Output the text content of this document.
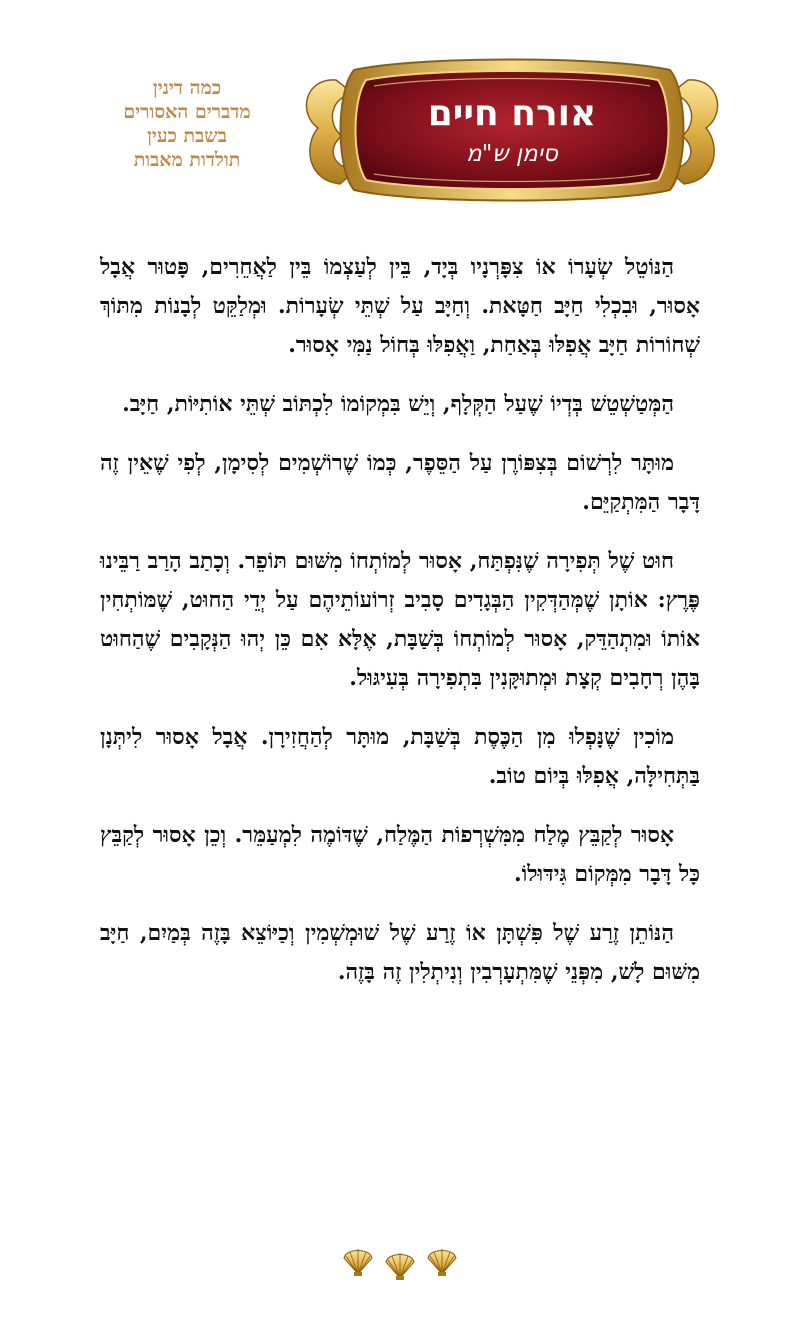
כמה דינין
מדברים האסורים
בשבת כעין
תולדות מאבות
אורח חיים
סימן ש"מ

הַנּוֹטֵל שְׂעָרוֹ אוֹ צִפָּרְנָיו בְּיָד, בֵּין לְעַצְמוֹ בֵּין לַאֲחֵרִים, פָּטוּר אֲבָל אָסוּר, וּבִכְלִי חַיָּב חַטָּאת. וְחַיָּב עַל שְׁתֵּי שְׂעָרוֹת. וּמְלַקֵּט לְבָנוֹת מִתּוֹךְ שְׁחוֹרוֹת חַיָּב אֲפִלּוּ בְּאַחַת, וַאֲפִלּוּ בְּחוֹל נַמִּי אָסוּר.

הַמְּטַשְׁטֵשׁ בְּדְיוֹ שֶׁעַל הַקְּלָף, וְיֵשׁ בִּמְקוֹמוֹ לִכְתּוֹב שְׁתֵּי אוֹתִיּוֹת, חַיָּב.

מוּתָּר לִרְשׁוֹם בְּצִפּוֹרֶן עַל הַסֵּפֶר, כְּמוֹ שֶׁרוֹשְׁמִים לְסִימָן, לְפִי שֶׁאֵין זֶה דָּבָר הַמִּתְקַיֵּם.

חוּט שֶׁל תְּפִירָה שֶׁנִּפְתַּח, אָסוּר לְמוֹתְחוֹ מִשּׁוּם תּוֹפֵר. וְכָתַב הָרַב רַבֵּינוּ פֶּרֶץ: אוֹתָן שֶׁמְּהַדְּקִין הַבְּגָדִים סָבִיב זְרוֹעוֹתֵיהֶם עַל יְדֵי הַחוּט, שֶׁמּוֹתְחִין אוֹתוֹ וּמִתְהַדֵּק, אָסוּר לְמוֹתְחוֹ בְּשַׁבָּת, אֶלָּא אִם כֵּן יְהוּ הַנְּקָבִים שֶׁהַחוּט בָּהֶן רְחָבִים קְצָת וּמְתוּקָּנִין בִּתְפִירָה בְּעִיגּוּל.

מוֹכִין שֶׁנָּפְלוּ מִן הַכֶּסֶת בְּשַׁבָּת, מוּתָּר לְהַחֲזִירָן. אֲבָל אָסוּר לִיתְּנָן בַּתְּחִילָּה, אֲפִלּוּ בְּיוֹם טוֹב.

אָסוּר לְקַבֵּץ מֶלַח מִמִּשְׁרְפוֹת הַמֶּלַח, שֶׁדּוֹמֶה לִמְעַמֵּר. וְכֵן אָסוּר לְקַבֵּץ כָּל דָּבָר מִמְּקוֹם גִּידּוּלוֹ.

הַנּוֹתֵן זֶרַע שֶׁל פִּשְׁתָּן אוֹ זֶרַע שֶׁל שׁוּמְשְׁמִין וְכַיּוֹצֵא בָּזֶה בְּמַיִם, חַיָּב מִשּׁוּם לָשׁ, מִפְּנֵי שֶׁמִּתְעָרְבִין וְנִיתְלִין זֶה בָּזֶה.
